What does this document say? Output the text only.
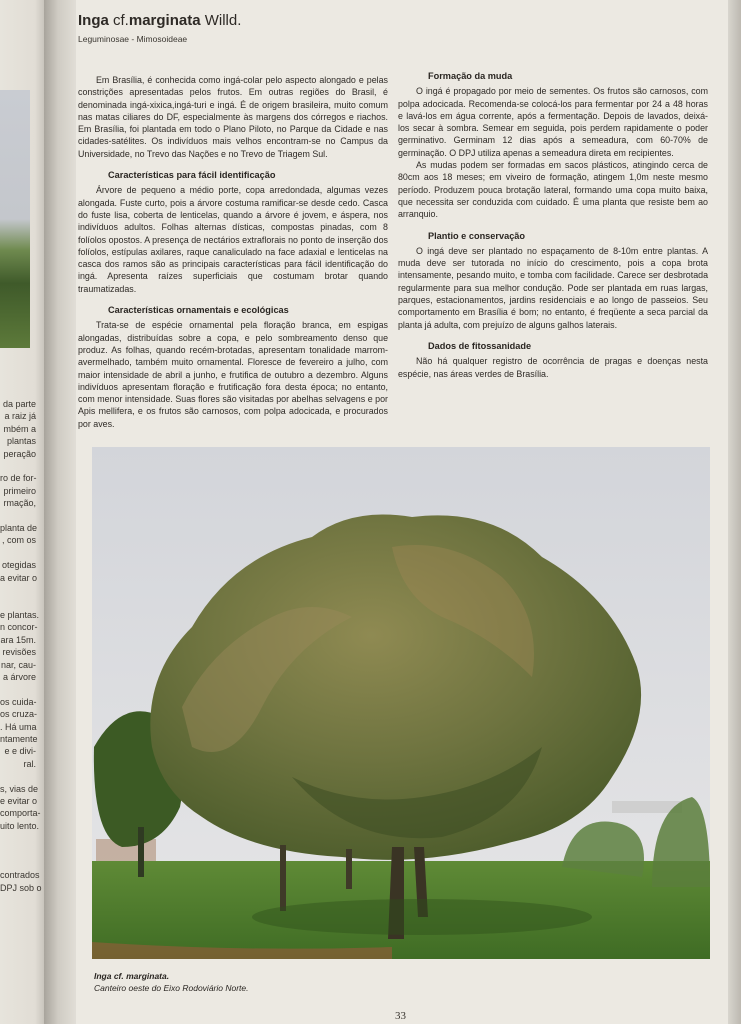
da parte
a raiz já
mbém a
plantas
peração

ro de for-
primeiro
rmação,

planta de
, com os

otegidas
a evitar o

e plantas.
n concor-
ara 15m.
revisões
nar, cau-
a árvore

os cuida-
os cruza-
. Há uma
ntamente
e e divi-
ral.

s, vias de
e evitar o
comporta-
uito lento.

contrados
DPJ sob o
Inga cf.marginata Willd.
Leguminosae - Mimosoideae

Em Brasília, é conhecida como ingá-colar pelo aspecto alongado e pelas constrições apresentadas pelos frutos. Em outras regiões do Brasil, é denominada ingá-xixica,ingá-turi e ingá. É de origem brasileira, muito comum nas matas ciliares do DF, especialmente às margens dos córregos e riachos. Em Brasília, foi plantada em todo o Plano Piloto, no Parque da Cidade e nas cidades-satélites. Os indivíduos mais velhos encontram-se no Campus da Universidade, no Trevo das Nações e no Trevo de Triagem Sul.

Características para fácil identificação

Árvore de pequeno a médio porte, copa arredondada, algumas vezes alongada. Fuste curto, pois a árvore costuma ramificar-se desde cedo. Casca do fuste lisa, coberta de lenticelas, quando a árvore é jovem, e áspera, nos indivíduos adultos. Folhas alternas dísticas, compostas pinadas, com 8 folíolos opostos. A presença de nectários extraflorais no ponto de inserção dos folíolos, estípulas axilares, raque canaliculado na face adaxial e lenticelas na casca dos ramos são as principais características para fácil identificação do ingá. Apresenta raízes superficiais que costumam brotar quando traumatizadas.

Características ornamentais e ecológicas

Trata-se de espécie ornamental pela floração branca, em espigas alongadas, distribuídas sobre a copa, e pelo sombreamento denso que produz. As folhas, quando recém-brotadas, apresentam tonalidade marrom-avermelhado, também muito ornamental. Floresce de fevereiro a julho, com maior intensidade de abril a junho, e frutifica de outubro a dezembro. Alguns indivíduos apresentam floração e frutificação fora desta época; no entanto, com menor intensidade. Suas flores são visitadas por abelhas selvagens e por Apis mellifera, e os frutos são carnosos, com polpa adocicada, e procurados por aves.

Formação da muda

O ingá é propagado por meio de sementes. Os frutos são carnosos, com polpa adocicada. Recomenda-se colocá-los para fermentar por 24 a 48 horas e lavá-los em água corrente, após a fermentação. Depois de lavados, deixá-los secar à sombra. Semear em seguida, pois perdem rapidamente o poder germinativo. Germinam 12 dias após a semeadura, com 60-70% de germinação. O DPJ utiliza apenas a semeadura direta em recipientes.

As mudas podem ser formadas em sacos plásticos, atingindo cerca de 80cm aos 18 meses; em viveiro de formação, atingem 1,0m neste mesmo período. Produzem pouca brotação lateral, formando uma copa muito baixa, que necessita ser conduzida com cuidado. É uma planta que resiste bem ao arranquio.

Plantio e conservação

O ingá deve ser plantado no espaçamento de 8-10m entre plantas. A muda deve ser tutorada no início do crescimento, pois a copa brota intensamente, pesando muito, e tomba com facilidade. Carece ser desbrotada regularmente para sua melhor condução. Pode ser plantada em ruas largas, parques, estacionamentos, jardins residenciais e ao longo de passeios. Seu comportamento em Brasília é bom; no entanto, é freqüente a seca parcial da planta já adulta, com prejuízo de alguns galhos laterais.

Dados de fitossanidade

Não há qualquer registro de ocorrência de pragas e doenças nesta espécie, nas áreas verdes de Brasília.

Inga cf. marginata.
Canteiro oeste do Eixo Rodoviário Norte.
33
